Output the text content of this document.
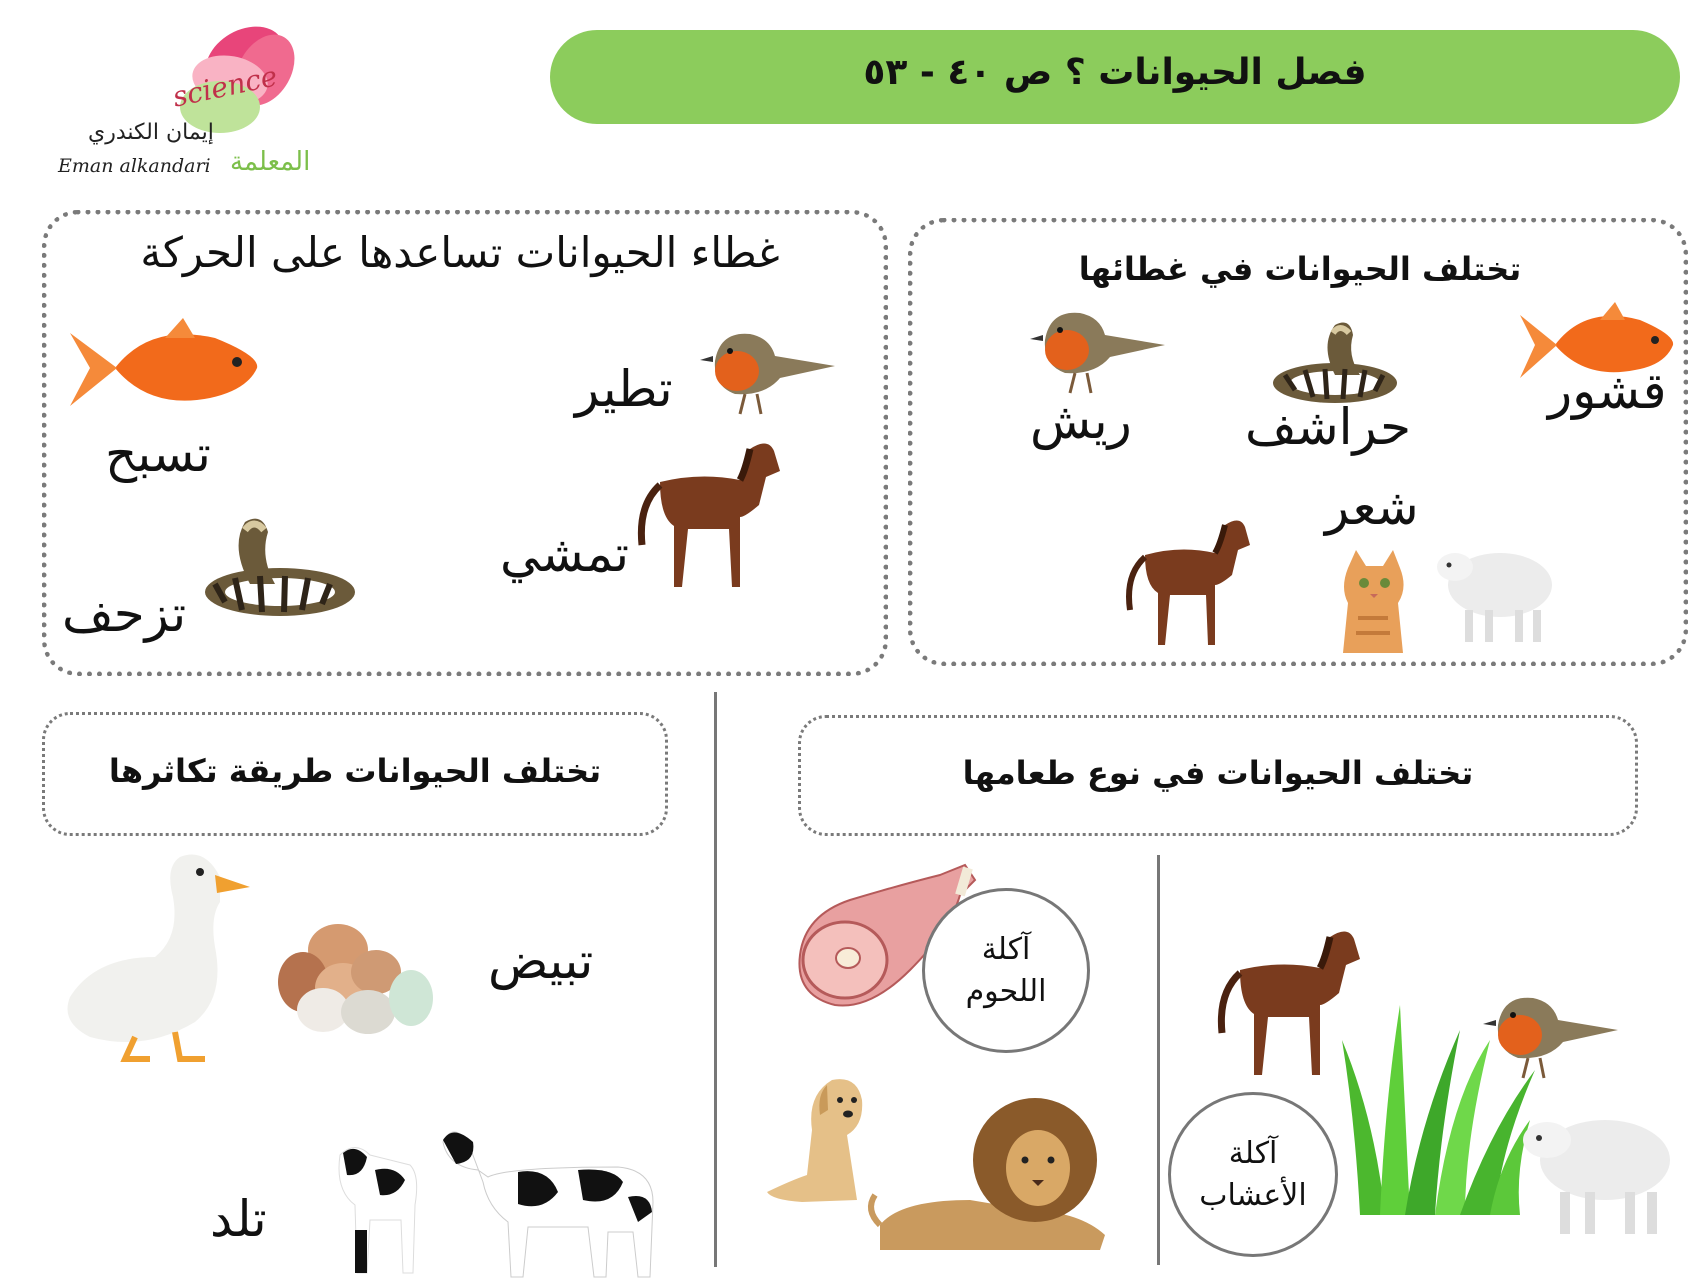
science
إيمان الكندري
Eman alkandari المعلمة
فصل الحيوانات ؟ ص ٤٠ - ٥٣
تختلف الحيوانات في غطائها
ريش حراشف
قشور
شعر
غطاء الحيوانات تساعدها على الحركة
تسبح
تطير
تمشي
تزحف
تختلف الحيوانات طريقة تكاثرها
تبيض
تلد
تختلف الحيوانات في نوع طعامها
آكلة
اللحوم
آكلة
الأعشاب
